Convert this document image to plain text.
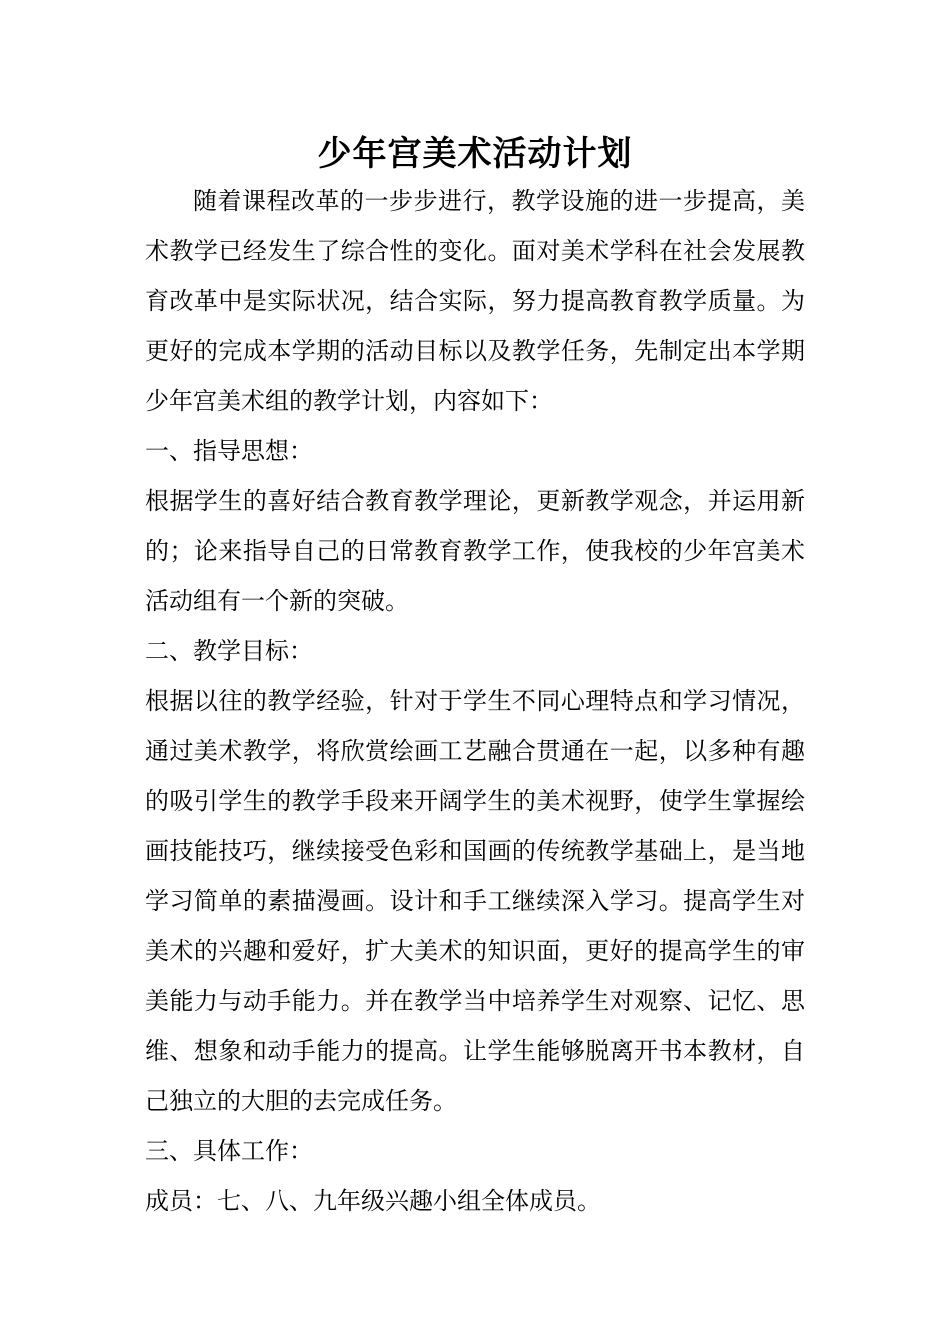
少年宫美术活动计划

随着课程改革的一步步进行，教学设施的进一步提高，美术教学已经发生了综合性的变化。面对美术学科在社会发展教育改革中是实际状况，结合实际，努力提高教育教学质量。为更好的完成本学期的活动目标以及教学任务，先制定出本学期少年宫美术组的教学计划，内容如下：

一、指导思想：

根据学生的喜好结合教育教学理论，更新教学观念，并运用新的；论来指导自己的日常教育教学工作，使我校的少年宫美术活动组有一个新的突破。

二、教学目标：

根据以往的教学经验，针对于学生不同心理特点和学习情况，通过美术教学，将欣赏绘画工艺融合贯通在一起，以多种有趣的吸引学生的教学手段来开阔学生的美术视野，使学生掌握绘画技能技巧，继续接受色彩和国画的传统教学基础上，是当地学习简单的素描漫画。设计和手工继续深入学习。提高学生对美术的兴趣和爱好，扩大美术的知识面，更好的提高学生的审美能力与动手能力。并在教学当中培养学生对观察、记忆、思维、想象和动手能力的提高。让学生能够脱离开书本教材，自己独立的大胆的去完成任务。

三、具体工作：

成员：七、八、九年级兴趣小组全体成员。
